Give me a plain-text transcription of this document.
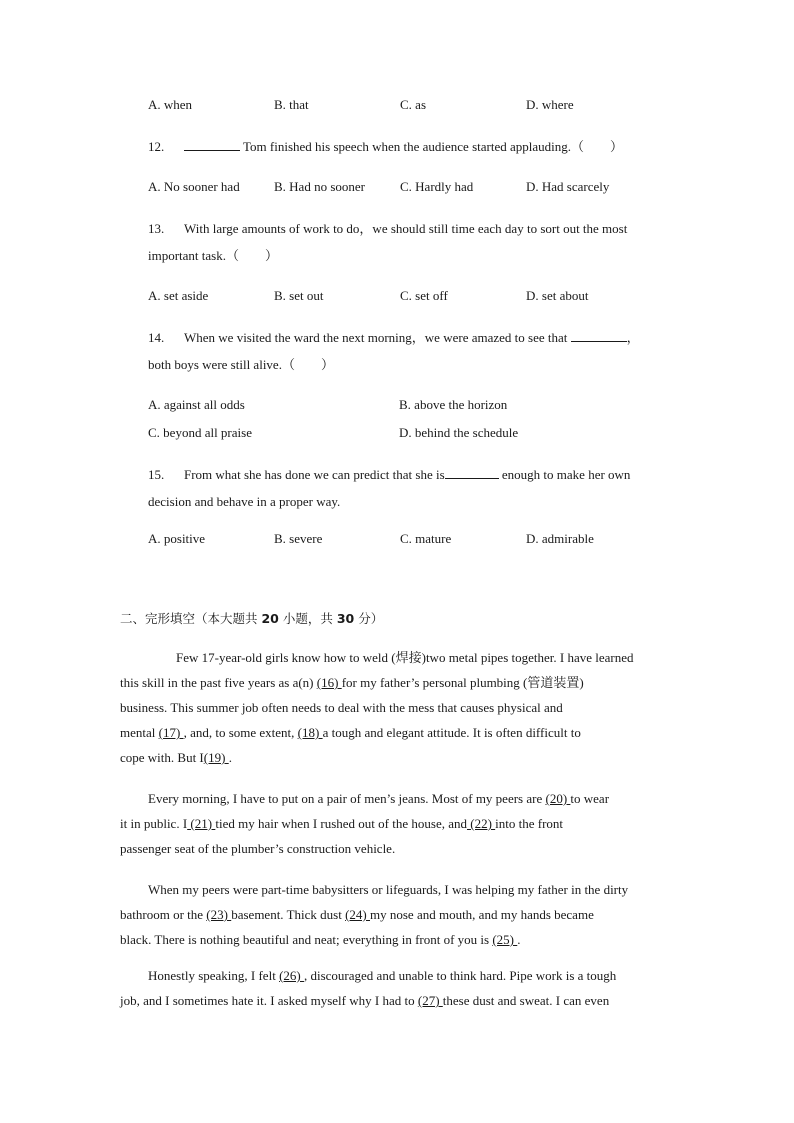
A. when	B. that	C. as	D. where
12.	Tom finished his speech when the audience started applauding.（　　）
A. No sooner had	B. Had no sooner	C. Hardly had	D. Had scarcely
13. With large amounts of work to do，we should still time each day to sort out the most
important task.（　　）
A. set aside	B. set out	C. set off	D. set about
14. When we visited the ward the next morning，we were amazed to see that	，
both boys were still alive.（　　）
A. against all odds	B. above the horizon
C. beyond all praise	D. behind the schedule
15. From what she has done we can predict that she is	enough to make her own
decision and behave in a proper way.
A. positive	B. severe	C. mature	D. admirable
二、完形填空（本大题共 20 小题，共 30 分）
Few 17-year-old girls know how to weld (焊接)two metal pipes together. I have learned
this skill in the past five years as a(n) (16) for my father’s personal plumbing (管道装置)
business. This summer job often needs to deal with the mess that causes physical and
mental (17) , and, to some extent, (18) a tough and elegant attitude. It is often difficult to
cope with. But I(19) .
Every morning, I have to put on a pair of men’s jeans. Most of my peers are (20) to wear
it in public. I (21) tied my hair when I rushed out of the house, and (22) into the front
passenger seat of the plumber’s construction vehicle.
When my peers were part-time babysitters or lifeguards, I was helping my father in the dirty
bathroom or the (23) basement. Thick dust (24) my nose and mouth, and my hands became
black. There is nothing beautiful and neat; everything in front of you is (25) .
Honestly speaking, I felt (26) , discouraged and unable to think hard. Pipe work is a tough
job, and I sometimes hate it. I asked myself why I had to (27) these dust and sweat. I can even
